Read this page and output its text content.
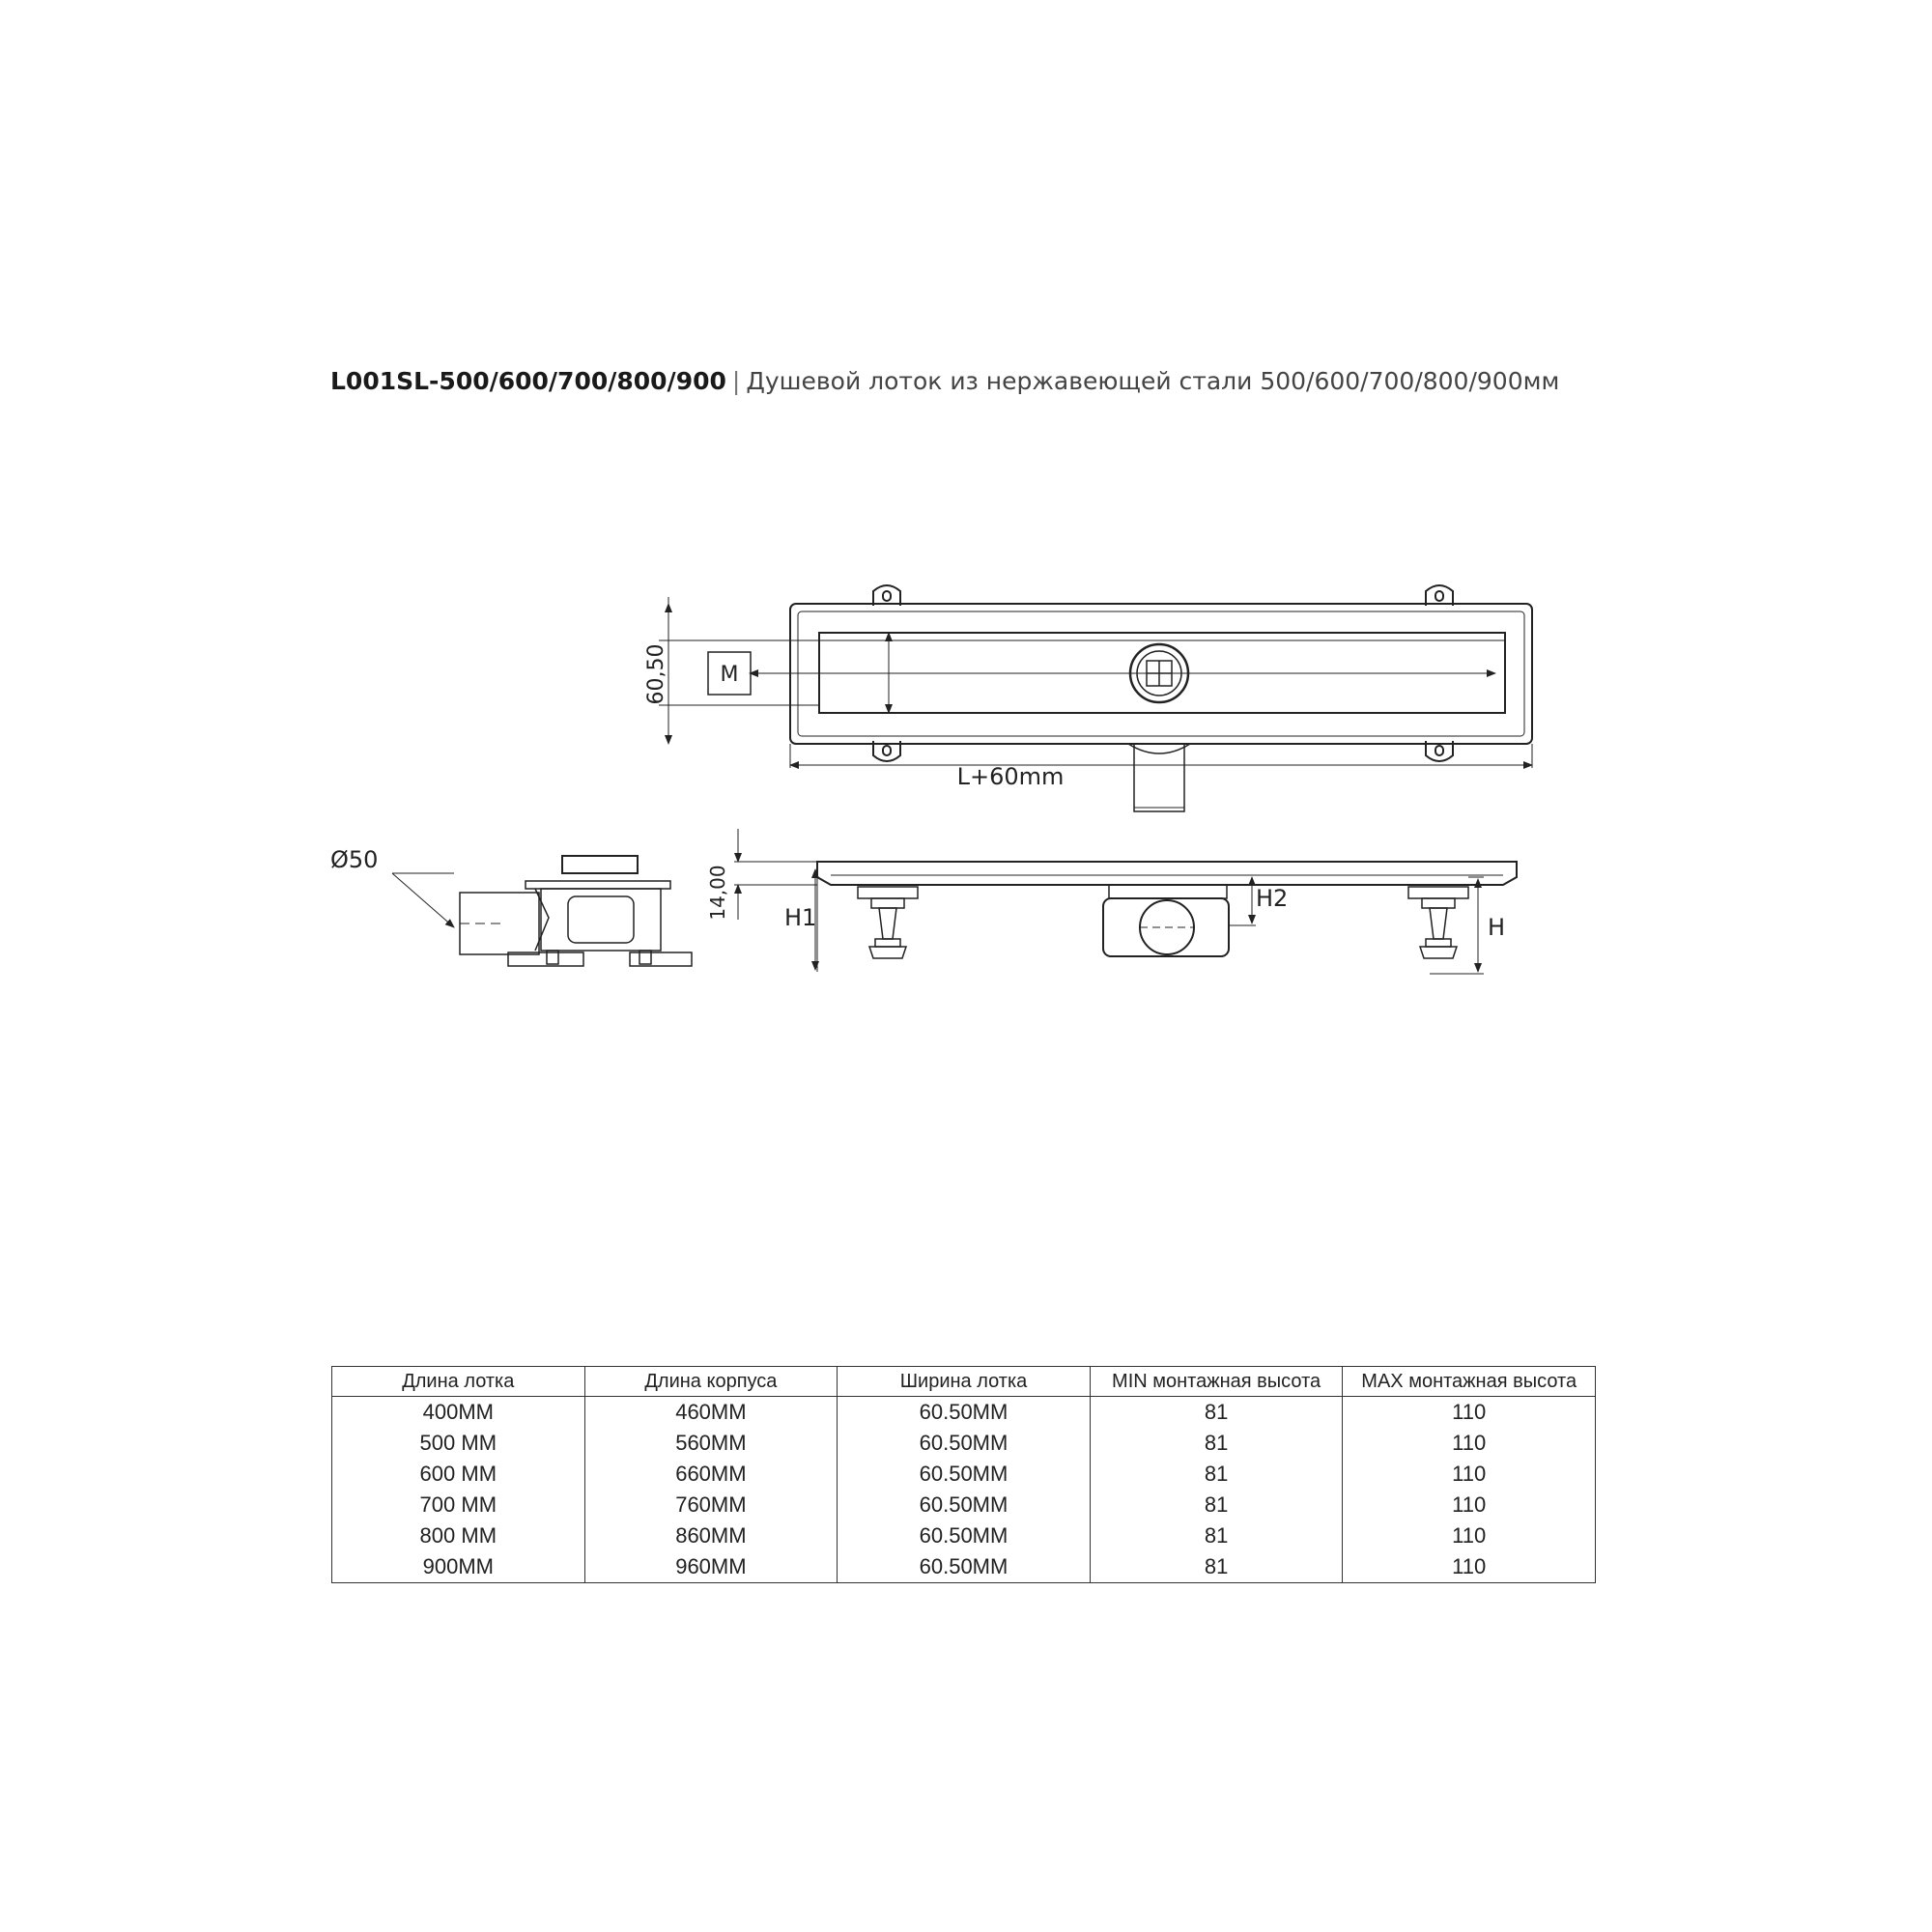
L001SL-500/600/700/800/900 | Душевой лоток из нержавеющей стали 500/600/700/800/900мм
60,50 M
L+60mm
Ø50
14,00 H1
H2
H
Длина лотка	Длина корпуса	Ширина лотка	MIN монтажная высота	MAX монтажная высота
400MM	460MM	60.50MM	81	110
500 MM	560MM	60.50MM	81	110
600 MM	660MM	60.50MM	81	110
700 MM	760MM	60.50MM	81	110
800 MM	860MM	60.50MM	81	110
900MM	960MM	60.50MM	81	110
